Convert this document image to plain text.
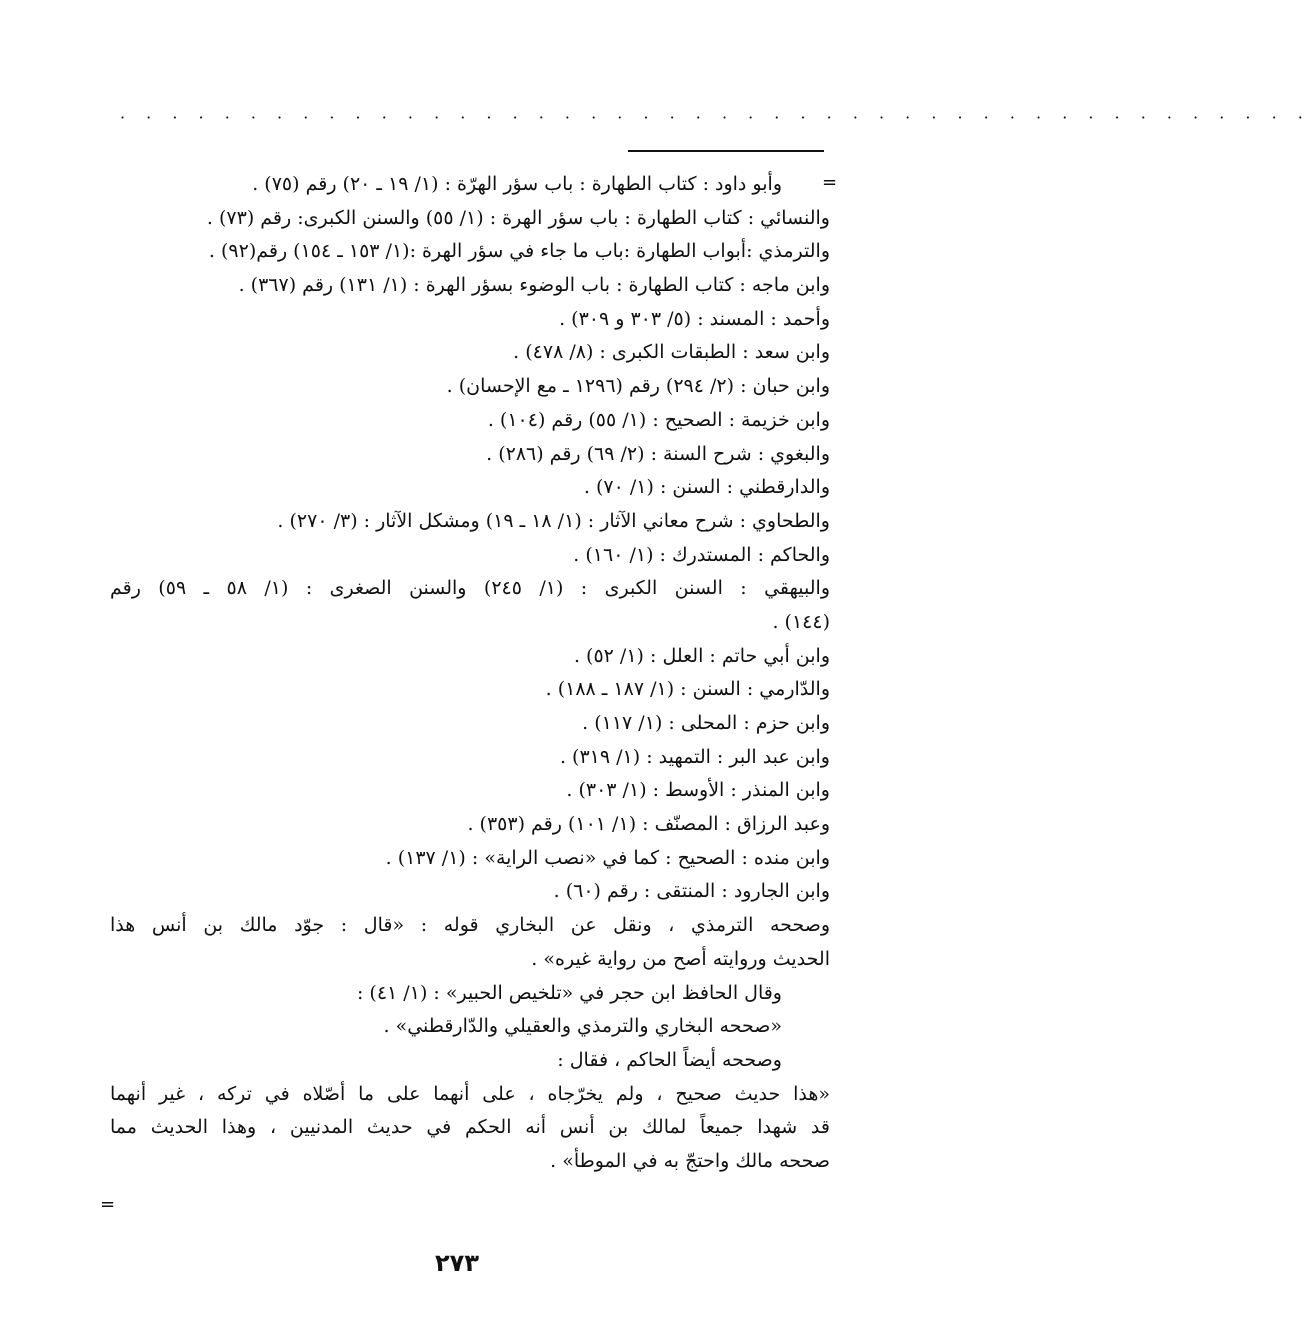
· · · · · · · · · · · · · · · · · · · · · · · · · · · · · · · · · · · · · · · · · · · · · ·
=
وأبو داود : كتاب الطهارة : باب سؤر الهرّة : (١/ ١٩ ـ ٢٠) رقم (٧٥) .
والنسائي : كتاب الطهارة : باب سؤر الهرة : (١/ ٥٥) والسنن الكبرى: رقم (٧٣) .
والترمذي :أبواب الطهارة :باب ما جاء في سؤر الهرة :(١/ ١٥٣ ـ ١٥٤) رقم(٩٢) .
وابن ماجه : كتاب الطهارة : باب الوضوء بسؤر الهرة : (١/ ١٣١) رقم (٣٦٧) .
وأحمد : المسند : (٥/ ٣٠٣ و ٣٠٩) .
وابن سعد : الطبقات الكبرى : (٨/ ٤٧٨) .
وابن حبان : (٢/ ٢٩٤) رقم (١٢٩٦ ـ مع الإحسان) .
وابن خزيمة : الصحيح : (١/ ٥٥) رقم (١٠٤) .
والبغوي : شرح السنة : (٢/ ٦٩) رقم (٢٨٦) .
والدارقطني : السنن : (١/ ٧٠) .
والطحاوي : شرح معاني الآثار : (١/ ١٨ ـ ١٩) ومشكل الآثار : (٣/ ٢٧٠) .
والحاكم : المستدرك : (١/ ١٦٠) .
والبيهقي : السنن الكبرى : (١/ ٢٤٥) والسنن الصغرى : (١/ ٥٨ ـ ٥٩) رقم
(١٤٤) .
وابن أبي حاتم : العلل : (١/ ٥٢) .
والدّارمي : السنن : (١/ ١٨٧ ـ ١٨٨) .
وابن حزم : المحلى : (١/ ١١٧) .
وابن عبد البر : التمهيد : (١/ ٣١٩) .
وابن المنذر : الأوسط : (١/ ٣٠٣) .
وعبد الرزاق : المصنّف : (١/ ١٠١) رقم (٣٥٣) .
وابن منده : الصحيح : كما في «نصب الراية» : (١/ ١٣٧) .
وابن الجارود : المنتقى : رقم (٦٠) .
وصححه الترمذي ، ونقل عن البخاري قوله : «قال : جوّد مالك بن أنس هذا
الحديث وروايته أصح من رواية غيره» .
وقال الحافظ ابن حجر في «تلخيص الحبير» : (١/ ٤١) :
«صححه البخاري والترمذي والعقيلي والدّارقطني» .
وصححه أيضاً الحاكم ، فقال :
«هذا حديث صحيح ، ولم يخرّجاه ، على أنهما على ما أصّلاه في تركه ، غير أنهما
قد شهدا جميعاً لمالك بن أنس أنه الحكم في حديث المدنيين ، وهذا الحديث مما
صححه مالك واحتجّ به في الموطأ» .
=
٢٧٣
